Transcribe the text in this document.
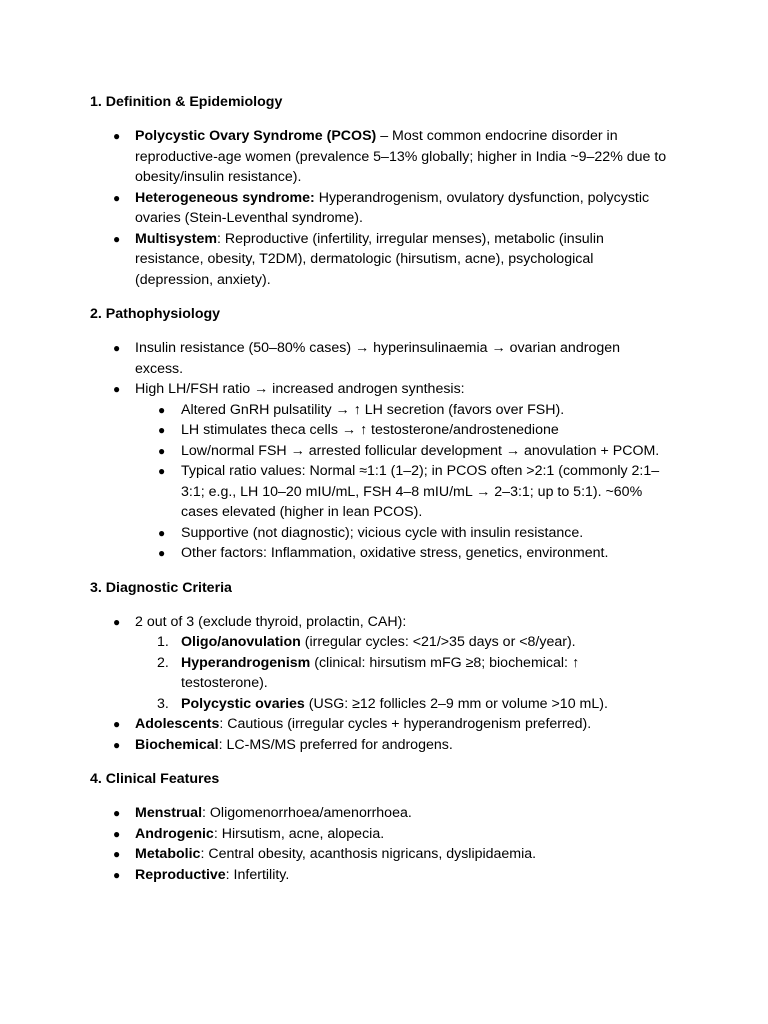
1. Definition & Epidemiology
● Polycystic Ovary Syndrome (PCOS) – Most common endocrine disorder in reproductive-age women (prevalence 5–13% globally; higher in India ~9–22% due to obesity/insulin resistance).
● Heterogeneous syndrome: Hyperandrogenism, ovulatory dysfunction, polycystic ovaries (Stein-Leventhal syndrome).
● Multisystem: Reproductive (infertility, irregular menses), metabolic (insulin resistance, obesity, T2DM), dermatologic (hirsutism, acne), psychological (depression, anxiety).
2. Pathophysiology
● Insulin resistance (50–80% cases) → hyperinsulinaemia → ovarian androgen excess.
● High LH/FSH ratio → increased androgen synthesis:
● Altered GnRH pulsatility → ↑ LH secretion (favors over FSH).
● LH stimulates theca cells → ↑ testosterone/androstenedione
● Low/normal FSH → arrested follicular development → anovulation + PCOM.
● Typical ratio values: Normal ≈1:1 (1–2); in PCOS often >2:1 (commonly 2:1–3:1; e.g., LH 10–20 mIU/mL, FSH 4–8 mIU/mL → 2–3:1; up to 5:1). ~60% cases elevated (higher in lean PCOS).
● Supportive (not diagnostic); vicious cycle with insulin resistance.
● Other factors: Inflammation, oxidative stress, genetics, environment.
3. Diagnostic Criteria
● 2 out of 3 (exclude thyroid, prolactin, CAH):
1. Oligo/anovulation (irregular cycles: <21/>35 days or <8/year).
2. Hyperandrogenism (clinical: hirsutism mFG ≥8; biochemical: ↑ testosterone).
3. Polycystic ovaries (USG: ≥12 follicles 2–9 mm or volume >10 mL).
● Adolescents: Cautious (irregular cycles + hyperandrogenism preferred).
● Biochemical: LC-MS/MS preferred for androgens.
4. Clinical Features
● Menstrual: Oligomenorrhoea/amenorrhoea.
● Androgenic: Hirsutism, acne, alopecia.
● Metabolic: Central obesity, acanthosis nigricans, dyslipidaemia.
● Reproductive: Infertility.
